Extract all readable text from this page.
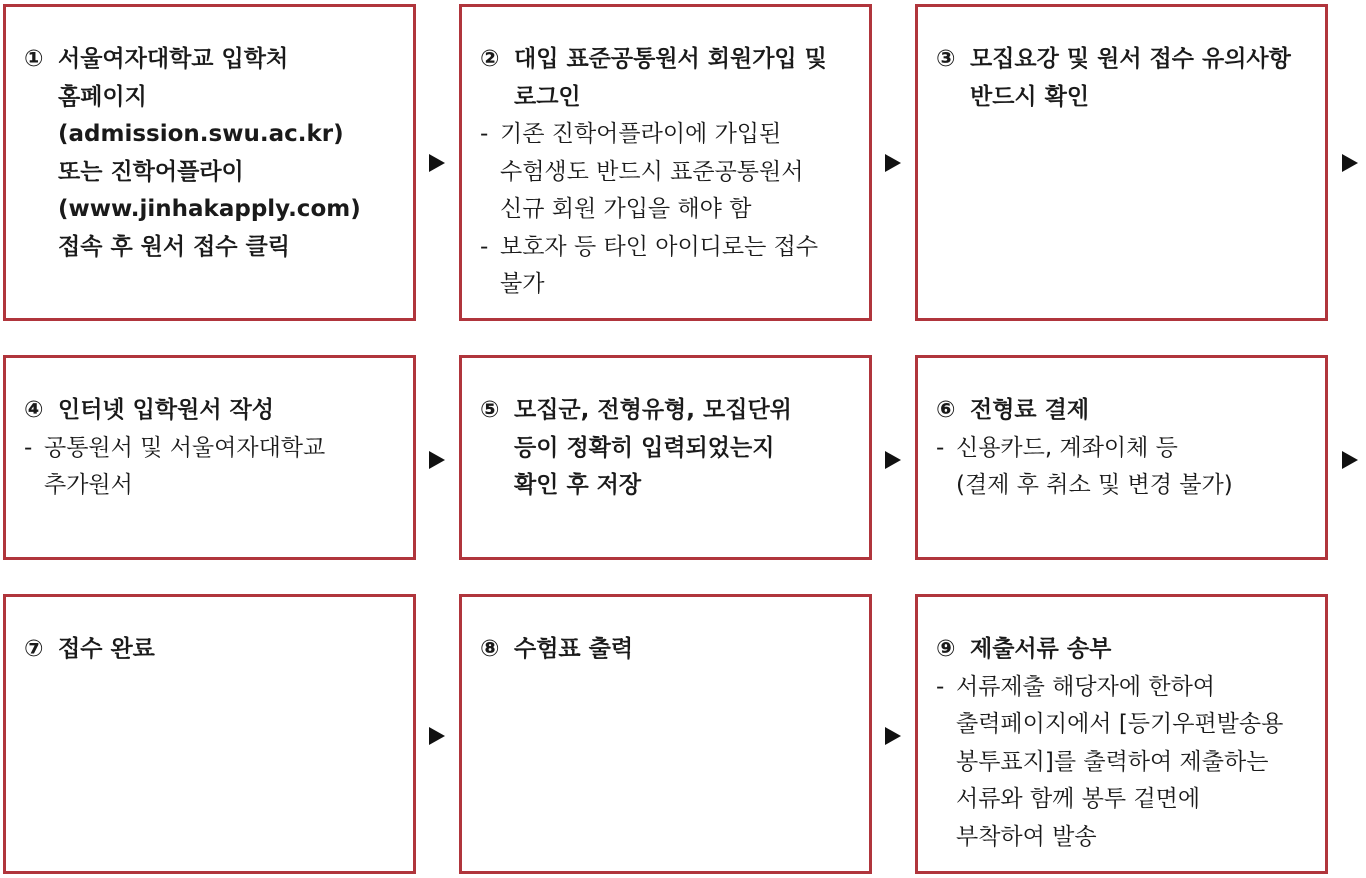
① 서울여자대학교 입학처
홈페이지
(admission.swu.ac.kr)
또는 진학어플라이
(www.jinhakapply.com)
접속 후 원서 접수 클릭
② 대입 표준공통원서 회원가입 및
로그인
- 기존 진학어플라이에 가입된
수험생도 반드시 표준공통원서
신규 회원 가입을 해야 함
- 보호자 등 타인 아이디로는 접수
불가
③ 모집요강 및 원서 접수 유의사항
반드시 확인
④ 인터넷 입학원서 작성
- 공통원서 및 서울여자대학교
추가원서
⑤ 모집군, 전형유형, 모집단위
등이 정확히 입력되었는지
확인 후 저장
⑥ 전형료 결제
- 신용카드, 계좌이체 등
(결제 후 취소 및 변경 불가)
⑦ 접수 완료	⑧ 수험표 출력	⑨ 제출서류 송부
- 서류제출 해당자에 한하여
출력페이지에서 [등기우편발송용
봉투표지]를 출력하여 제출하는
서류와 함께 봉투 겉면에
부착하여 발송
